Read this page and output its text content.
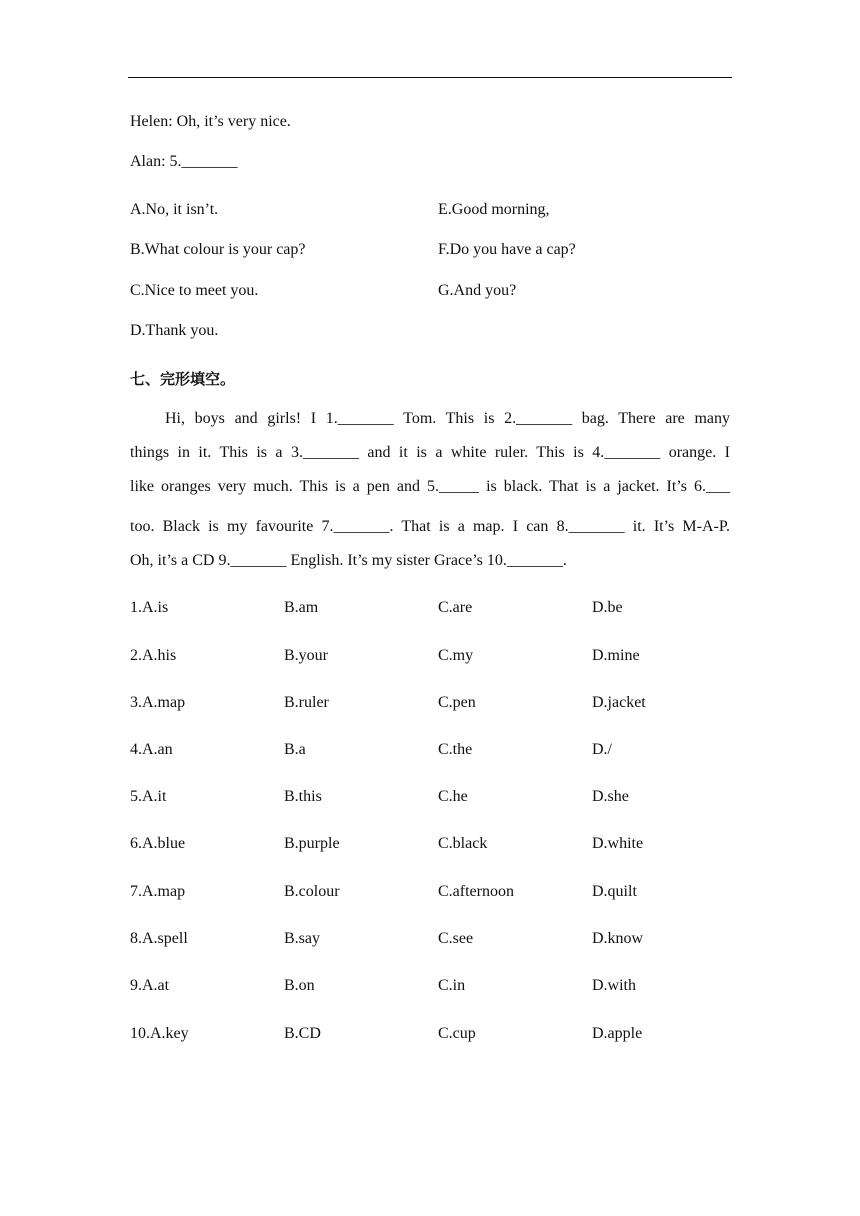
Helen: Oh, it’s very nice.
Alan: 5._______
A.No, it isn’t.	E.Good morning,
B.What colour is your cap?	F.Do you have a cap?
C.Nice to meet you.	G.And you?
D.Thank you.
七、完形填空。
Hi, boys and girls! I 1._______ Tom. This is 2._______ bag. There are many
things in it. This is a 3._______ and it is a white ruler. This is 4._______ orange. I
like oranges very much. This is a pen and 5._____ is black. That is a jacket. It’s 6.___
too. Black is my favourite 7._______. That is a map. I can 8._______ it. It’s M-A-P.
Oh, it’s a CD 9._______ English. It’s my sister Grace’s 10._______.
1.A.is	B.am	C.are	D.be
2.A.his	B.your	C.my	D.mine
3.A.map	B.ruler	C.pen	D.jacket
4.A.an	B.a	C.the	D./
5.A.it	B.this	C.he	D.she
6.A.blue	B.purple	C.black	D.white
7.A.map	B.colour	C.afternoon	D.quilt
8.A.spell	B.say	C.see	D.know
9.A.at	B.on	C.in	D.with
10.A.key	B.CD	C.cup	D.apple
